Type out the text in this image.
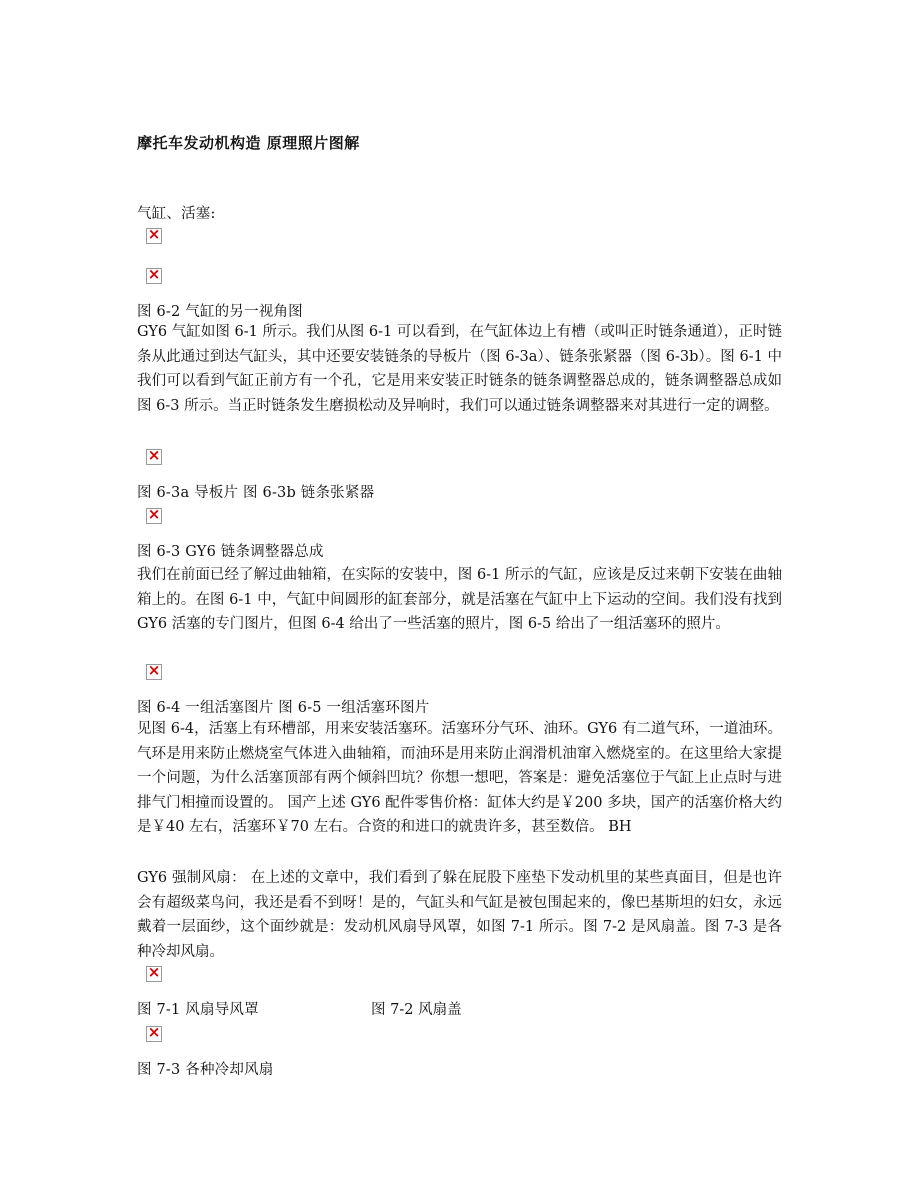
摩托车发动机构造 原理照片图解
气缸、活塞:
×
×
图 6-2 气缸的另一视角图
GY6 气缸如图 6-1 所示。我们从图 6-1 可以看到，在气缸体边上有槽（或叫正时链条通道），正时链条从此通过到达气缸头，其中还要安装链条的导板片（图 6-3a）、链条张紧器（图 6-3b）。图 6-1 中我们可以看到气缸正前方有一个孔，它是用来安装正时链条的链条调整器总成的，链条调整器总成如图 6-3 所示。当正时链条发生磨损松动及异响时，我们可以通过链条调整器来对其进行一定的调整。
×
图 6-3a 导板片 图 6-3b 链条张紧器
×
图 6-3 GY6 链条调整器总成
我们在前面已经了解过曲轴箱，在实际的安装中，图 6-1 所示的气缸，应该是反过来朝下安装在曲轴箱上的。在图 6-1 中，气缸中间圆形的缸套部分，就是活塞在气缸中上下运动的空间。我们没有找到 GY6 活塞的专门图片，但图 6-4 给出了一些活塞的照片，图 6-5 给出了一组活塞环的照片。
×
图 6-4 一组活塞图片 图 6-5 一组活塞环图片
见图 6-4，活塞上有环槽部，用来安装活塞环。活塞环分气环、油环。GY6 有二道气环，一道油环。气环是用来防止燃烧室气体进入曲轴箱，而油环是用来防止润滑机油窜入燃烧室的。在这里给大家提一个问题，为什么活塞顶部有两个倾斜凹坑？你想一想吧，答案是：避免活塞位于气缸上止点时与进排气门相撞而设置的。 国产上述 GY6 配件零售价格：缸体大约是￥200 多块，国产的活塞价格大约是￥40 左右，活塞环￥70 左右。合资的和进口的就贵许多，甚至数倍。 BH
GY6 强制风扇： 在上述的文章中，我们看到了躲在屁股下座垫下发动机里的某些真面目，但是也许会有超级菜鸟问，我还是看不到呀！是的，气缸头和气缸是被包围起来的，像巴基斯坦的妇女，永远戴着一层面纱，这个面纱就是：发动机风扇导风罩，如图 7-1 所示。图 7-2 是风扇盖。图 7-3 是各种冷却风扇。
×
图 7-1 风扇导风罩	图 7-2 风扇盖
×
图 7-3 各种冷却风扇
